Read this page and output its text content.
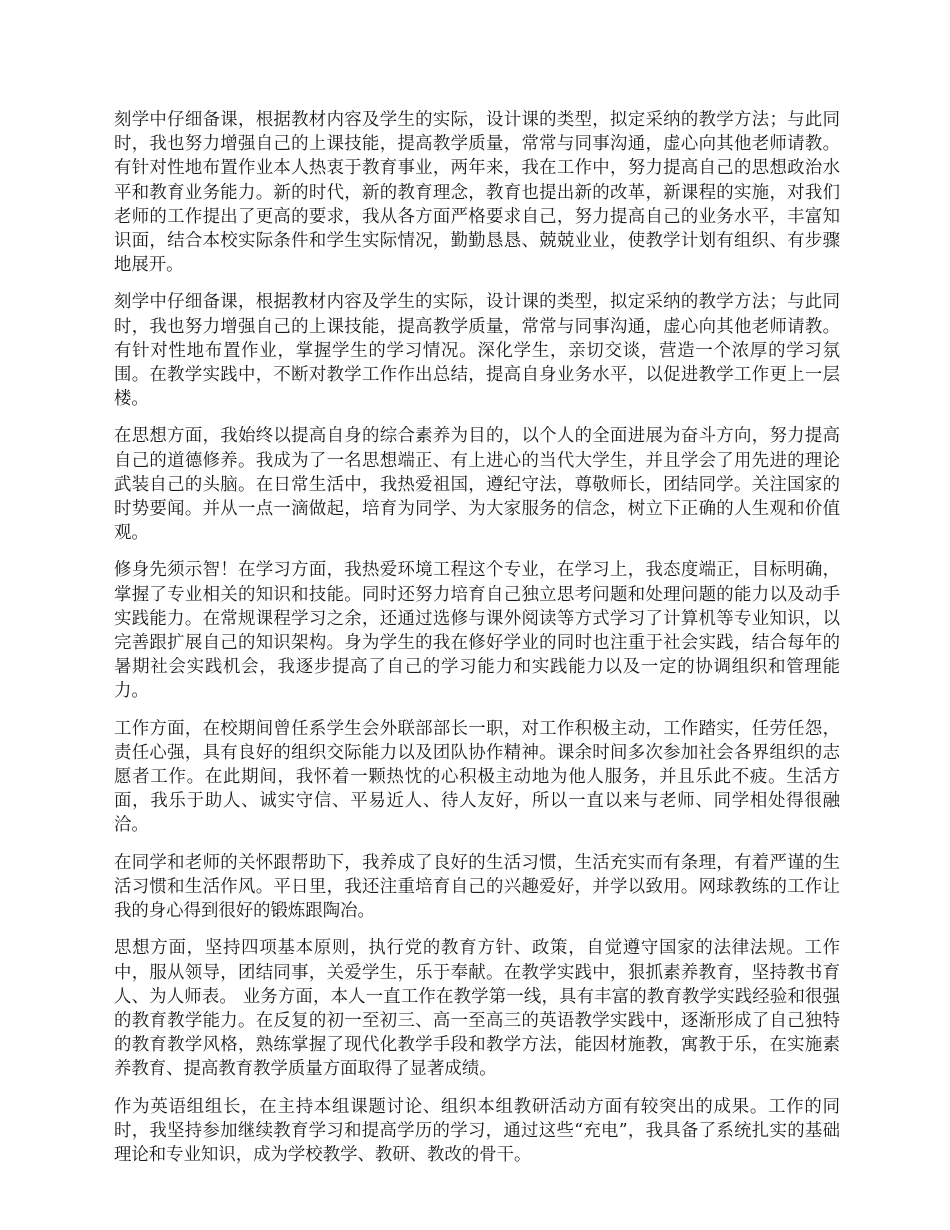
刻学中仔细备课，根据教材内容及学生的实际，设计课的类型，拟定采纳的教学方法；与此同时，我也努力增强自己的上课技能，提高教学质量，常常与同事沟通，虚心向其他老师请教。有针对性地布置作业本人热衷于教育事业，两年来，我在工作中，努力提高自己的思想政治水平和教育业务能力。新的时代，新的教育理念，教育也提出新的改革，新课程的实施，对我们老师的工作提出了更高的要求，我从各方面严格要求自己，努力提高自己的业务水平，丰富知识面，结合本校实际条件和学生实际情况，勤勤恳恳、兢兢业业，使教学计划有组织、有步骤地展开。

刻学中仔细备课，根据教材内容及学生的实际，设计课的类型，拟定采纳的教学方法；与此同时，我也努力增强自己的上课技能，提高教学质量，常常与同事沟通，虚心向其他老师请教。有针对性地布置作业，掌握学生的学习情况。深化学生，亲切交谈，营造一个浓厚的学习氛围。在教学实践中，不断对教学工作作出总结，提高自身业务水平，以促进教学工作更上一层楼。

在思想方面，我始终以提高自身的综合素养为目的，以个人的全面进展为奋斗方向，努力提高自己的道德修养。我成为了一名思想端正、有上进心的当代大学生，并且学会了用先进的理论武装自己的头脑。在日常生活中，我热爱祖国，遵纪守法，尊敬师长，团结同学。关注国家的时势要闻。并从一点一滴做起，培育为同学、为大家服务的信念，树立下正确的人生观和价值观。

修身先须示智！在学习方面，我热爱环境工程这个专业，在学习上，我态度端正，目标明确，掌握了专业相关的知识和技能。同时还努力培育自己独立思考问题和处理问题的能力以及动手实践能力。在常规课程学习之余，还通过选修与课外阅读等方式学习了计算机等专业知识，以完善跟扩展自己的知识架构。身为学生的我在修好学业的同时也注重于社会实践，结合每年的暑期社会实践机会，我逐步提高了自己的学习能力和实践能力以及一定的协调组织和管理能力。

工作方面，在校期间曾任系学生会外联部部长一职，对工作积极主动，工作踏实，任劳任怨，责任心强，具有良好的组织交际能力以及团队协作精神。课余时间多次参加社会各界组织的志愿者工作。在此期间，我怀着一颗热忱的心积极主动地为他人服务，并且乐此不疲。生活方面，我乐于助人、诚实守信、平易近人、待人友好，所以一直以来与老师、同学相处得很融洽。

在同学和老师的关怀跟帮助下，我养成了良好的生活习惯，生活充实而有条理，有着严谨的生活习惯和生活作风。平日里，我还注重培育自己的兴趣爱好，并学以致用。网球教练的工作让我的身心得到很好的锻炼跟陶冶。

思想方面，坚持四项基本原则，执行党的教育方针、政策，自觉遵守国家的法律法规。工作中，服从领导，团结同事，关爱学生，乐于奉献。在教学实践中，狠抓素养教育，坚持教书育人、为人师表。 业务方面，本人一直工作在教学第一线，具有丰富的教育教学实践经验和很强的教育教学能力。在反复的初一至初三、高一至高三的英语教学实践中，逐渐形成了自己独特的教育教学风格，熟练掌握了现代化教学手段和教学方法，能因材施教，寓教于乐，在实施素养教育、提高教育教学质量方面取得了显著成绩。

作为英语组组长，在主持本组课题讨论、组织本组教研活动方面有较突出的成果。工作的同时，我坚持参加继续教育学习和提高学历的学习，通过这些“充电”，我具备了系统扎实的基础理论和专业知识，成为学校教学、教研、教改的骨干。
